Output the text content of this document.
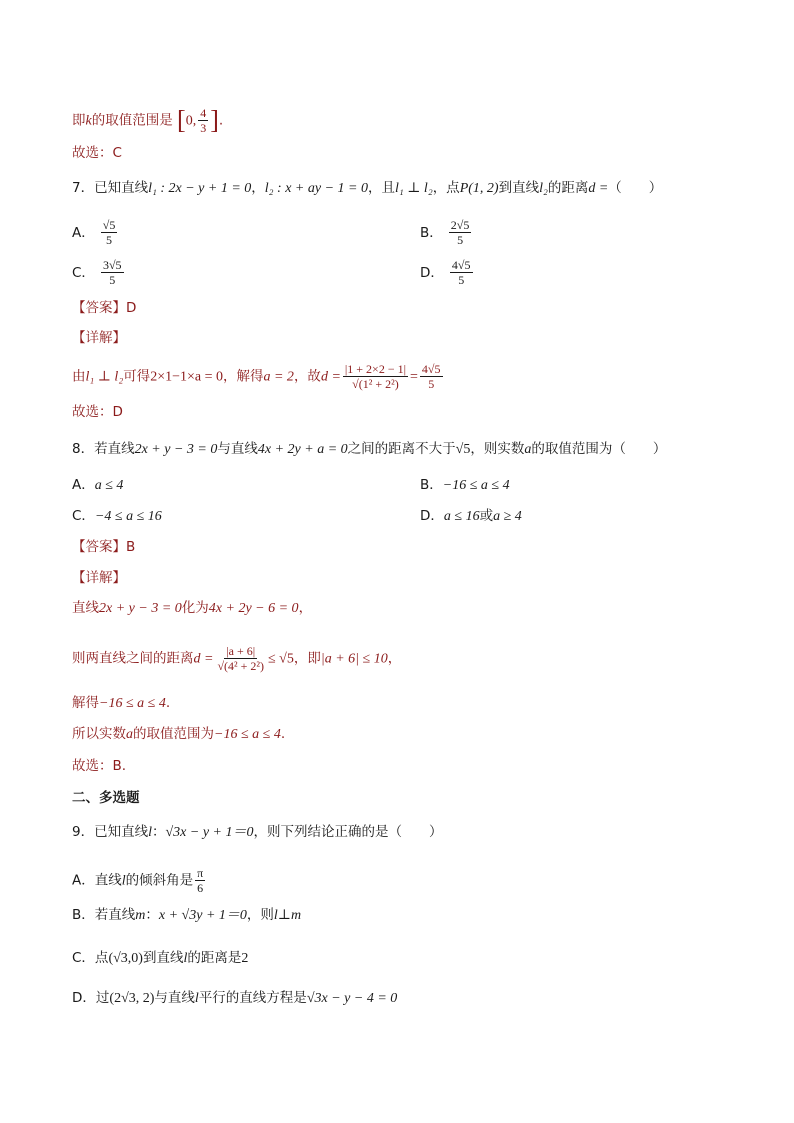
即k的取值范围是 [0, $\frac{4}{3}$ ].
故选：C
7．已知直线l₁ : 2x − y + 1 = 0，l₂ : x + ay − 1 = 0，且l₁ ⊥ l₂，点P(1, 2)到直线l₂的距离d =（　　）
A． $\frac{√5}{5}$	B． $\frac{2√5}{5}$
C． $\frac{3√5}{5}$	D． $\frac{4√5}{5}$
【答案】D
【详解】
由l₁ ⊥ l₂可得2×1−1×a = 0，解得a = 2，故$d = \frac{|1 + 2\times 2 - 1|}{\text{√(1² + 2²)}} = \frac{4√5}{5}$
故选：D
8．若直线2x + y − 3 = 0与直线4x + 2y + a = 0之间的距离不大于√5，则实数a的取值范围为（　　）
A．a ≤ 4	B．−16 ≤ a ≤ 4
C．−4 ≤ a ≤ 16	D．a ≤ 16或a ≥ 4
【答案】B
【详解】
直线2x + y − 3 = 0化为4x + 2y − 6 = 0，
则两直线之间的距离$d = \frac{|a + 6|}{\text{√(4² + 2²)}} \le √5$，即|a + 6| ≤ 10，
解得−16 ≤ a ≤ 4.
所以实数a的取值范围为−16 ≤ a ≤ 4.
故选：B.
二、多选题
9．已知直线l：√3x − y + 1＝0，则下列结论正确的是（　　）
A．直线l的倾斜角是 $\frac{\pi}{6}$
B．若直线m：x + √3y + 1＝0，则l⊥m
C．点(√3,0)到直线l的距离是2
D．过(2√3, 2)与直线l平行的直线方程是√3x − y − 4 = 0
